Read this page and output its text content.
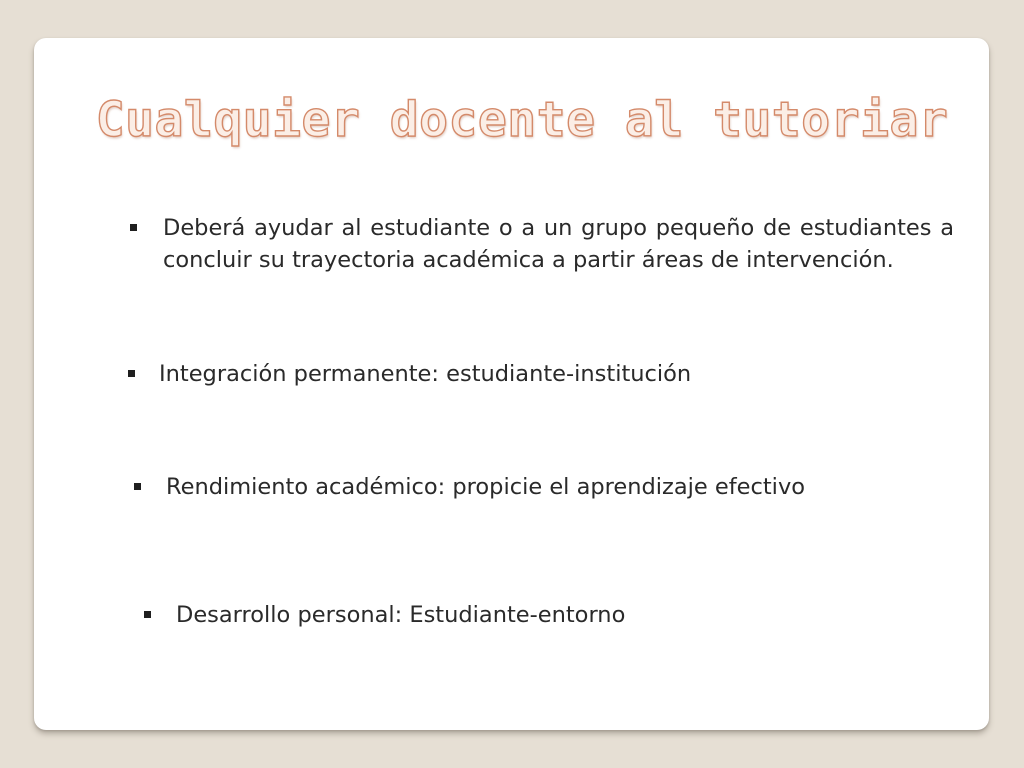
Cualquier docente al tutoriar

Deberá ayudar al estudiante o a un grupo pequeño de estudiantes a concluir su trayectoria académica a partir áreas de intervención.

Integración permanente: estudiante-institución

Rendimiento académico: propicie el aprendizaje efectivo

Desarrollo personal: Estudiante-entorno
